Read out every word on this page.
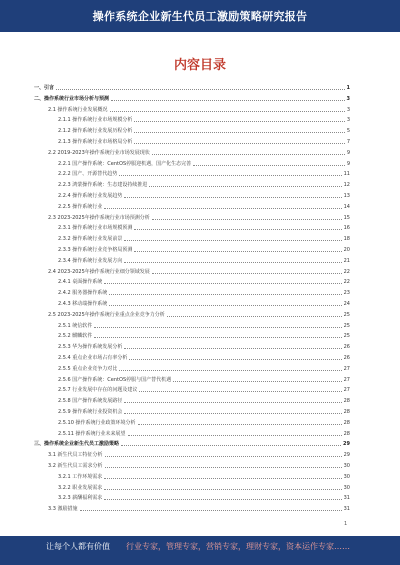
操作系统企业新生代员工激励策略研究报告
内容目录
一、引言	1
二、操作系统行业市场分析与预测	3
2.1 操作系统行业发展概况	3
2.1.1 操作系统行业市场规模分析	3
2.1.2 操作系统行业发展历程分析	5
2.1.3 操作系统行业市场格局分析	7
2.2 2019-2023年操作系统行业市场发展现状	9
2.2.1 国产操作系统：CentOS停服迎机遇，国产化生态完善	9
2.2.2 国产、开源替代趋势	11
2.2.3 鸿蒙操作系统：生态建设持续推进	12
2.2.4 操作系统行业发展趋势	13
2.2.5 操作系统行业	14
2.3 2023-2025年操作系统行业市场预测分析	15
2.3.1 操作系统行业市场规模预测	16
2.3.2 操作系统行业发展前景	18
2.3.3 操作系统行业竞争格局预测	20
2.3.4 操作系统行业发展方向	21
2.4 2023-2025年操作系统行业细分领域发展	22
2.4.1 桌面操作系统	22
2.4.2 服务器操作系统	23
2.4.3 移动端操作系统	24
2.5 2023-2025年操作系统行业重点企业竞争力分析	25
2.5.1 统信软件	25
2.5.2 麒麟软件	25
2.5.3 华为操作系统发展分析	26
2.5.4 重点企业市场占有率分析	26
2.5.5 重点企业竞争力对比	27
2.5.6 国产操作系统：CentOS停服与国产替代机遇	27
2.5.7 行业发展中存在的问题及建议	27
2.5.8 国产操作系统发展路径	28
2.5.9 操作系统行业投资机会	28
2.5.10 操作系统行业政策环境分析	28
2.5.11 操作系统行业未来展望	28
三、操作系统企业新生代员工激励策略	29
3.1 新生代员工特征分析	29
3.2 新生代员工需求分析	30
3.2.1 工作环境需求	30
3.2.2 职业发展需求	30
3.2.3 薪酬福利需求	31
3.3 激励措施	31
1
让每个人都有价值 行业专家，管理专家，营销专家，理财专家，资本运作专家……
